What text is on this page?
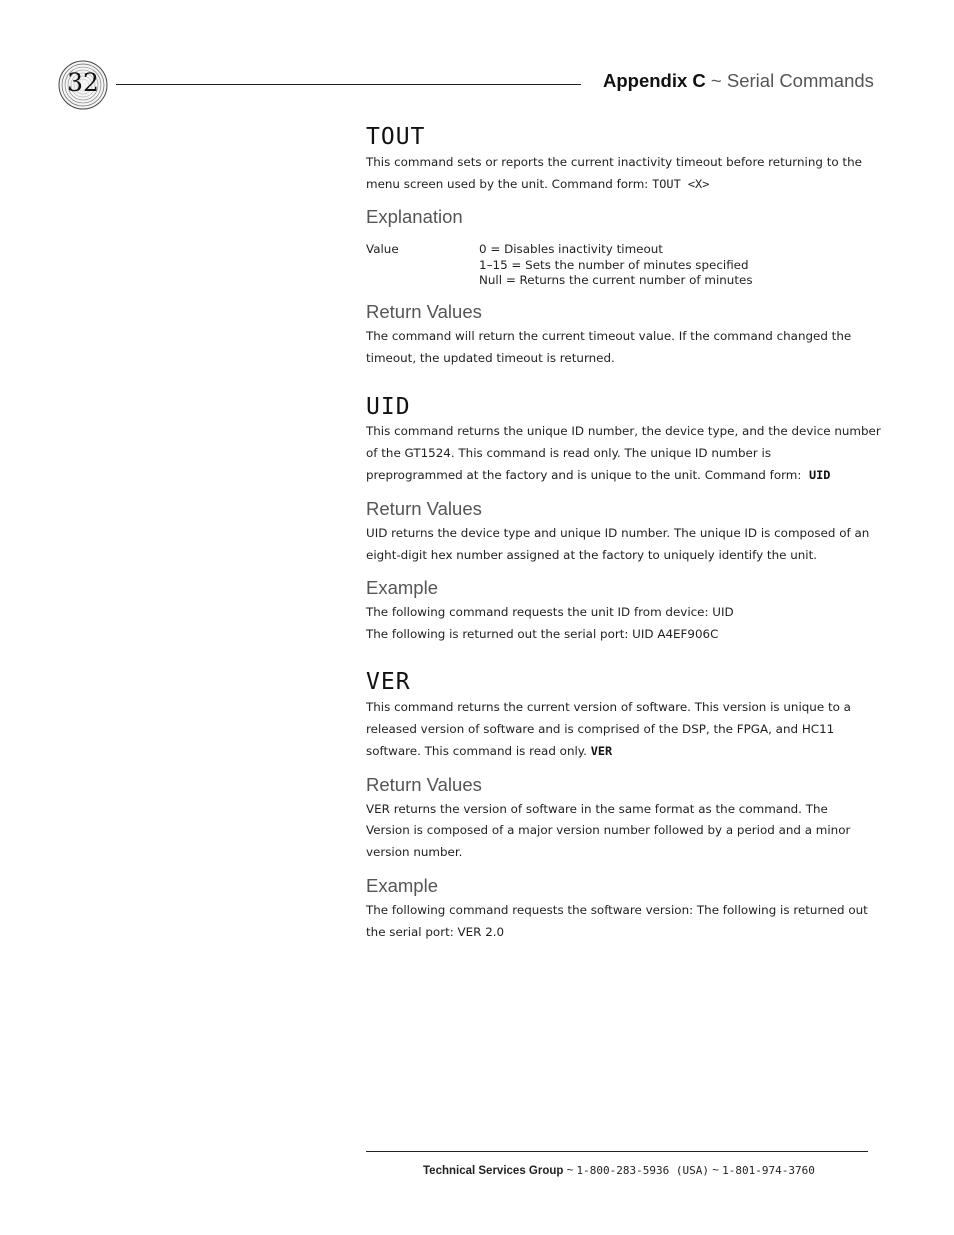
32	Appendix C ~ Serial Commands
TOUT
This command sets or reports the current inactivity timeout before returning to the
menu screen used by the unit. Command form: TOUT <X>
Explanation
Value	0 = Disables inactivity timeout
1–15 = Sets the number of minutes specified
Null = Returns the current number of minutes
Return Values
The command will return the current timeout value. If the command changed the
timeout, the updated timeout is returned.
UID
This command returns the unique ID number, the device type, and the device number
of the GT1524. This command is read only. The unique ID number is
preprogrammed at the factory and is unique to the unit. Command form: UID
Return Values
UID returns the device type and unique ID number. The unique ID is composed of an
eight-digit hex number assigned at the factory to uniquely identify the unit.
Example
The following command requests the unit ID from device: UID
The following is returned out the serial port: UID A4EF906C
VER
This command returns the current version of software. This version is unique to a
released version of software and is comprised of the DSP, the FPGA, and HC11
software. This command is read only. VER
Return Values
VER returns the version of software in the same format as the command. The
Version is composed of a major version number followed by a period and a minor
version number.
Example
The following command requests the software version: The following is returned out
the serial port: VER 2.0
Technical Services Group ~ 1-800-283-5936 (USA) ~ 1-801-974-3760
